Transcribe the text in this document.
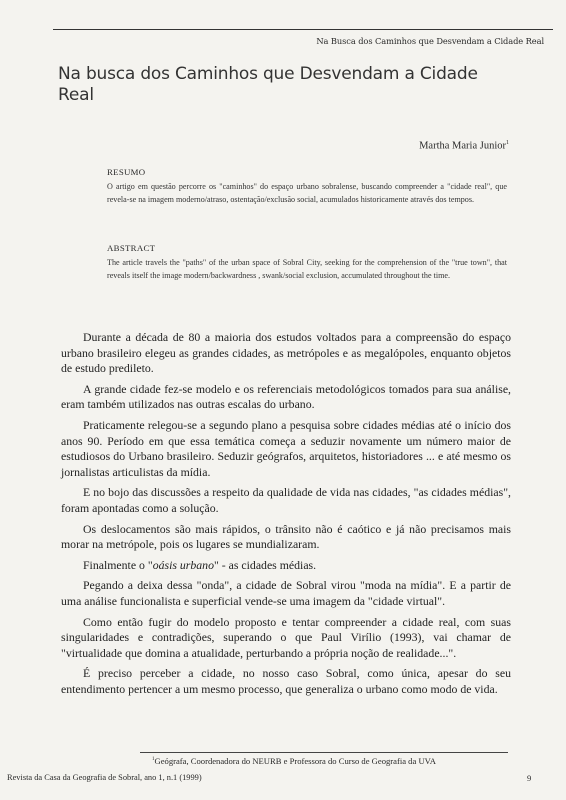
Na Busca dos Caminhos que Desvendam a Cidade Real
Na busca dos Caminhos que Desvendam a Cidade Real
Martha Maria Junior$^1$
RESUMO
O artigo em questão percorre os "caminhos" do espaço urbano sobralense, buscando compreender a "cidade real", que revela-se na imagem moderno/atraso, ostentação/exclusão social, acumulados historicamente através dos tempos.
ABSTRACT
The article travels the "paths" of the urban space of Sobral City, seeking for the comprehension of the "true town", that reveals itself the image modern/backwardness , swank/social exclusion, accumulated throughout the time.

Durante a década de 80 a maioria dos estudos voltados para a compreensão do espaço urbano brasileiro elegeu as grandes cidades, as metrópoles e as megalópoles, enquanto objetos de estudo predileto.

A grande cidade fez-se modelo e os referenciais metodológicos tomados para sua análise, eram também utilizados nas outras escalas do urbano.

Praticamente relegou-se a segundo plano a pesquisa sobre cidades médias até o início dos anos 90. Período em que essa temática começa a seduzir novamente um número maior de estudiosos do Urbano brasileiro. Seduzir geógrafos, arquitetos, historiadores ... e até mesmo os jornalistas articulistas da mídia.

E no bojo das discussões a respeito da qualidade de vida nas cidades, "as cidades médias", foram apontadas como a solução.

Os deslocamentos são mais rápidos, o trânsito não é caótico e já não precisamos mais morar na metrópole, pois os lugares se mundializaram.

Finalmente o "oásis urbano" - as cidades médias.

Pegando a deixa dessa "onda", a cidade de Sobral virou "moda na mídia". E a partir de uma análise funcionalista e superficial vende-se uma imagem da "cidade virtual".

Como então fugir do modelo proposto e tentar compreender a cidade real, com suas singularidades e contradições, superando o que Paul Virílio (1993), vai chamar de "virtualidade que domina a atualidade, perturbando a própria noção de realidade...".

É preciso perceber a cidade, no nosso caso Sobral, como única, apesar do seu entendimento pertencer a um mesmo processo, que generaliza o urbano como modo de vida.

$^1$Geógrafa, Coordenadora do NEURB e Professora do Curso de Geografia da UVA
Revista da Casa da Geografia de Sobral, ano 1, n.1 (1999)	9
